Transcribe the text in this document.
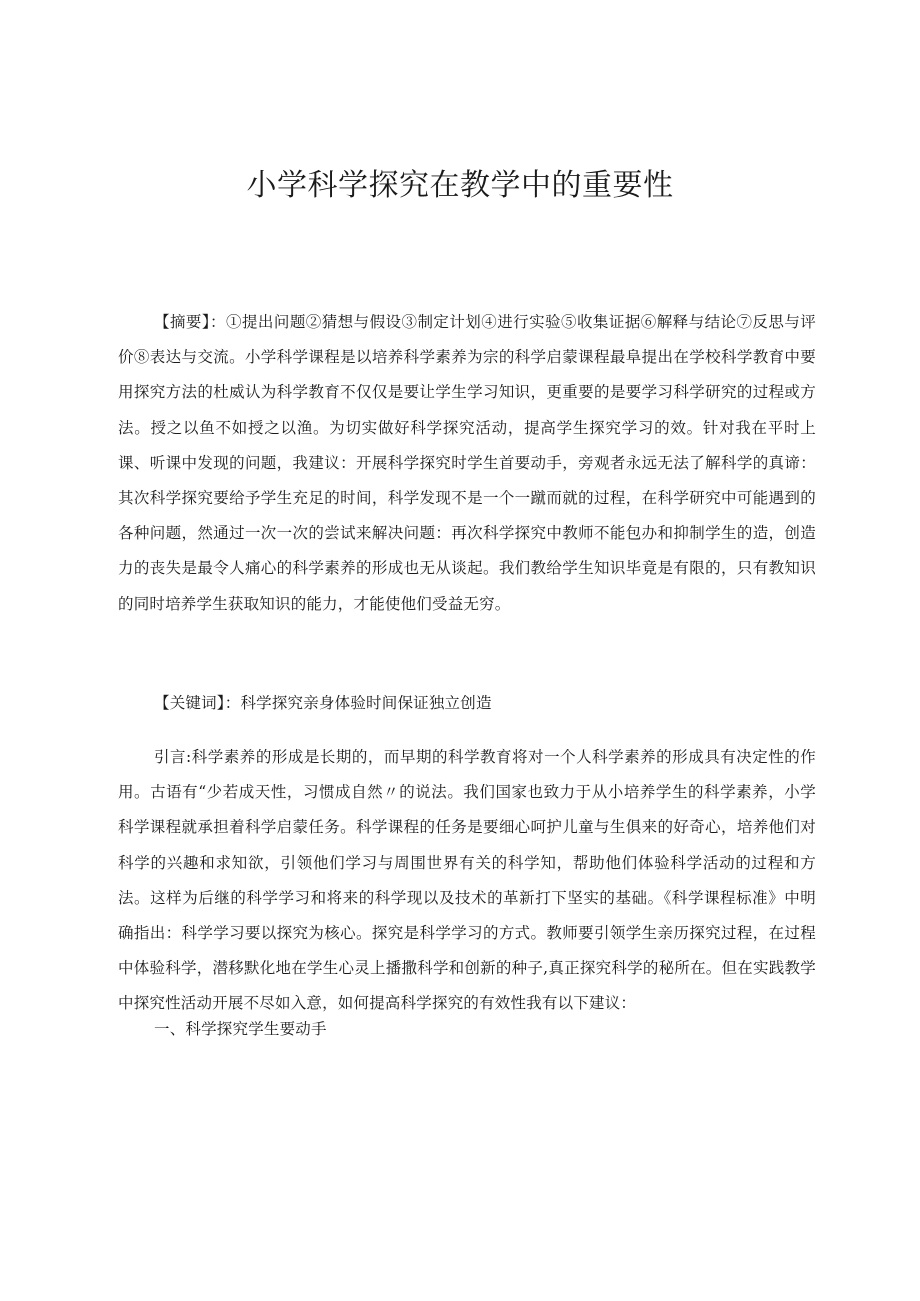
小学科学探究在教学中的重要性

【摘要】：①提出问题②猜想与假设③制定计划④进行实验⑤收集证据⑥解释与结论⑦反思与评价⑧表达与交流。小学科学课程是以培养科学素养为宗的科学启蒙课程最阜提出在学校科学教育中要用探究方法的杜威认为科学教育不仅仅是要让学生学习知识，更重要的是要学习科学研究的过程或方法。授之以鱼不如授之以渔。为切实做好科学探究活动，提高学生探究学习的效。针对我在平时上课、听课中发现的问题，我建议：开展科学探究时学生首要动手，旁观者永远无法了解科学的真谛：其次科学探究要给予学生充足的时间，科学发现不是一个一蹴而就的过程，在科学研究中可能遇到的各种问题，然通过一次一次的尝试来解决问题：再次科学探究中教师不能包办和抑制学生的造，创造力的丧失是最令人痛心的科学素养的形成也无从谈起。我们教给学生知识毕竟是有限的，只有教知识的同时培养学生获取知识的能力，才能使他们受益无穷。

【关键词】：科学探究亲身体验时间保证独立创造

引言:科学素养的形成是长期的，而早期的科学教育将对一个人科学素养的形成具有决定性的作用。古语有“少若成天性，习惯成自然〃的说法。我们国家也致力于从小培养学生的科学素养，小学科学课程就承担着科学启蒙任务。科学课程的任务是要细心呵护儿童与生俱来的好奇心，培养他们对科学的兴趣和求知欲，引领他们学习与周围世界有关的科学知，帮助他们体验科学活动的过程和方法。这样为后继的科学学习和将来的科学现以及技术的革新打下坚实的基础。《科学课程标准》中明确指出：科学学习要以探究为核心。探究是科学学习的方式。教师要引领学生亲历探究过程，在过程中体验科学，潜移默化地在学生心灵上播撒科学和创新的种子,真正探究科学的秘所在。但在实践教学中探究性活动开展不尽如入意，如何提高科学探究的有效性我有以下建议：

一、科学探究学生要动手
